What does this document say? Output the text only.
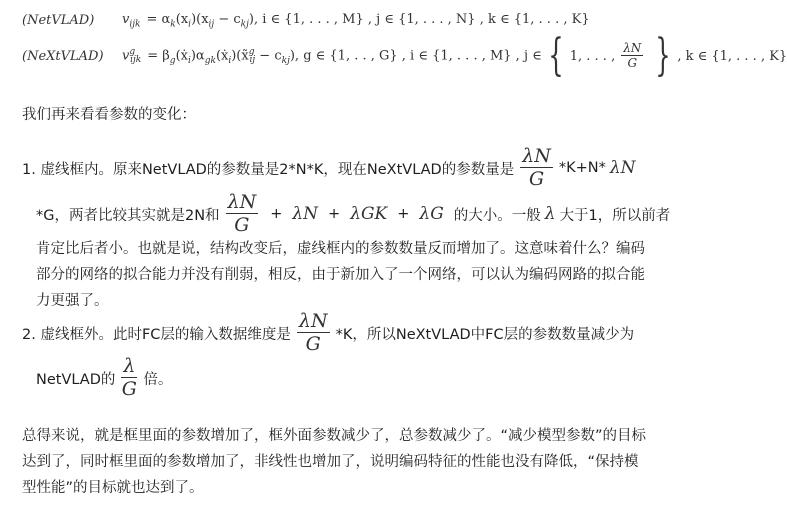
(NetVLAD)	$v_{ijk} = \alpha_k(x_i)(x_{ij} - c_{kj})$, i ∈ {1, . . . , M} , j ∈ {1, . . . , N} , k ∈ {1, . . . , K}
(NeXtVLAD)	$v^g_{ijk}$ = $\beta_g(ẋ_i)\alpha_{gk}(ẋ_i)(x̃^g_{ij} - c_{kj})$, g ∈ {1, . . , G} , i ∈ {1, . . . , M} , j ∈ { 1, . . . , $\frac{\lambda N}{G}$ } , k ∈ {1, . . . , K}
我们再来看看参数的变化：
1. 虚线框内。原来NetVLAD的参数量是2*N*K，现在NeXtVLAD的参数量是 $\frac{\lambda N}{G} *K+N*$ λN
*G，两者比较其实就是2N和 $\frac{\lambda N}{G} + \lambda N + \lambda GK + \lambda G$ 的大小。一般 λ 大于1，所以前者
肯定比后者小。也就是说，结构改变后，虚线框内的参数数量反而增加了。这意味着什么？编码
部分的网络的拟合能力并没有削弱，相反，由于新加入了一个网络，可以认为编码网路的拟合能
力更强了。
2. 虚线框外。此时FC层的输入数据维度是 $\frac{\lambda N}{G} *K$，所以NeXtVLAD中FC层的参数数量减少为
NetVLAD的 $\frac{\lambda}{G}$ 倍。
总得来说，就是框里面的参数增加了，框外面参数减少了，总参数减少了。“减少模型参数”的目标
达到了，同时框里面的参数增加了，非线性也增加了，说明编码特征的性能也没有降低，“保持模
型性能”的目标就也达到了。
